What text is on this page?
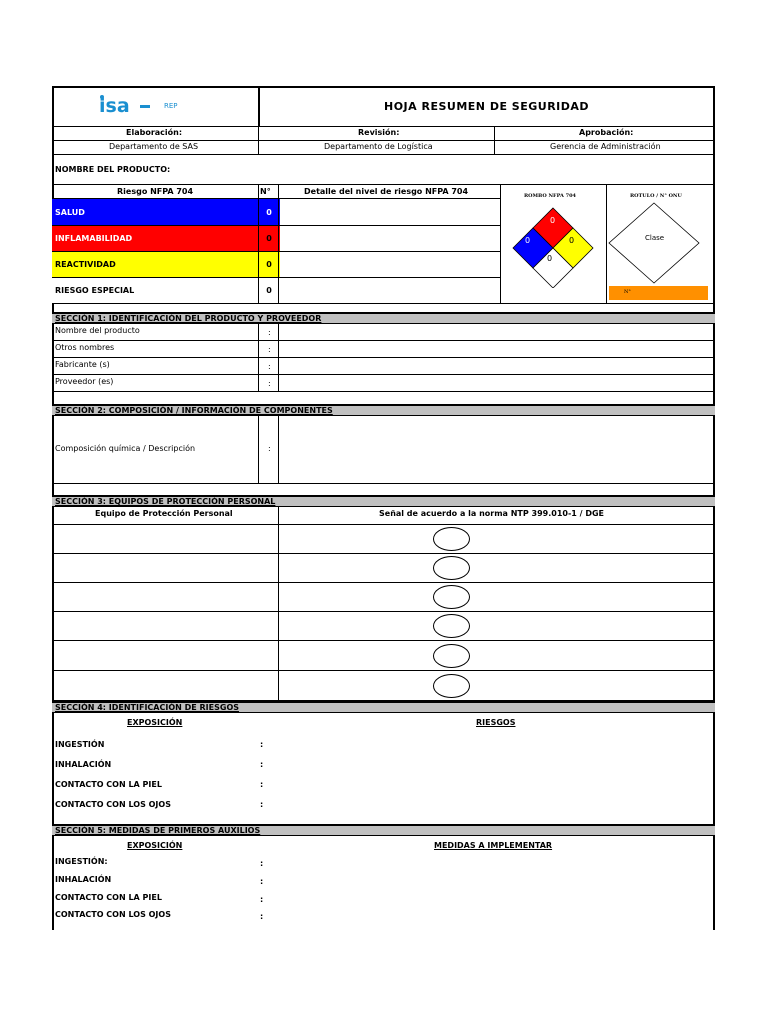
isa	REP	HOJA RESUMEN DE SEGURIDAD
Elaboración:	Revisión:	Aprobación:
Departamento de SAS	Departamento de Logística	Gerencia de Administración
NOMBRE DEL PRODUCTO:
Riesgo NFPA 704	N°	Detalle del nivel de riesgo NFPA 704
SALUD	0
INFLAMABILIDAD	0
REACTIVIDAD	0
RIESGO ESPECIAL	0
ROMBO NFPA 704
0
0	0
0
ROTULO / N° ONU
Clase
N°
SECCIÓN 1: IDENTIFICACIÓN DEL PRODUCTO Y PROVEEDOR
Nombre del producto	:
Otros nombres	:
Fabricante (s)	:
Proveedor (es)	:
SECCIÓN 2: COMPOSICIÓN / INFORMACIÓN DE COMPONENTES
Composición química / Descripción	:
SECCIÓN 3: EQUIPOS DE PROTECCIÓN PERSONAL
Equipo de Protección Personal	Señal de acuerdo a la norma NTP 399.010-1 / DGE
SECCIÓN 4: IDENTIFICACIÓN DE RIESGOS
EXPOSICIÓN	RIESGOS
INGESTIÓN	:
INHALACIÓN	:
CONTACTO CON LA PIEL	:
CONTACTO CON LOS OJOS	:
SECCIÓN 5: MEDIDAS DE PRIMEROS AUXILIOS
EXPOSICIÓN	MEDIDAS A IMPLEMENTAR
INGESTIÓN:	:
INHALACIÓN	:
CONTACTO CON LA PIEL	:
CONTACTO CON LOS OJOS	:
